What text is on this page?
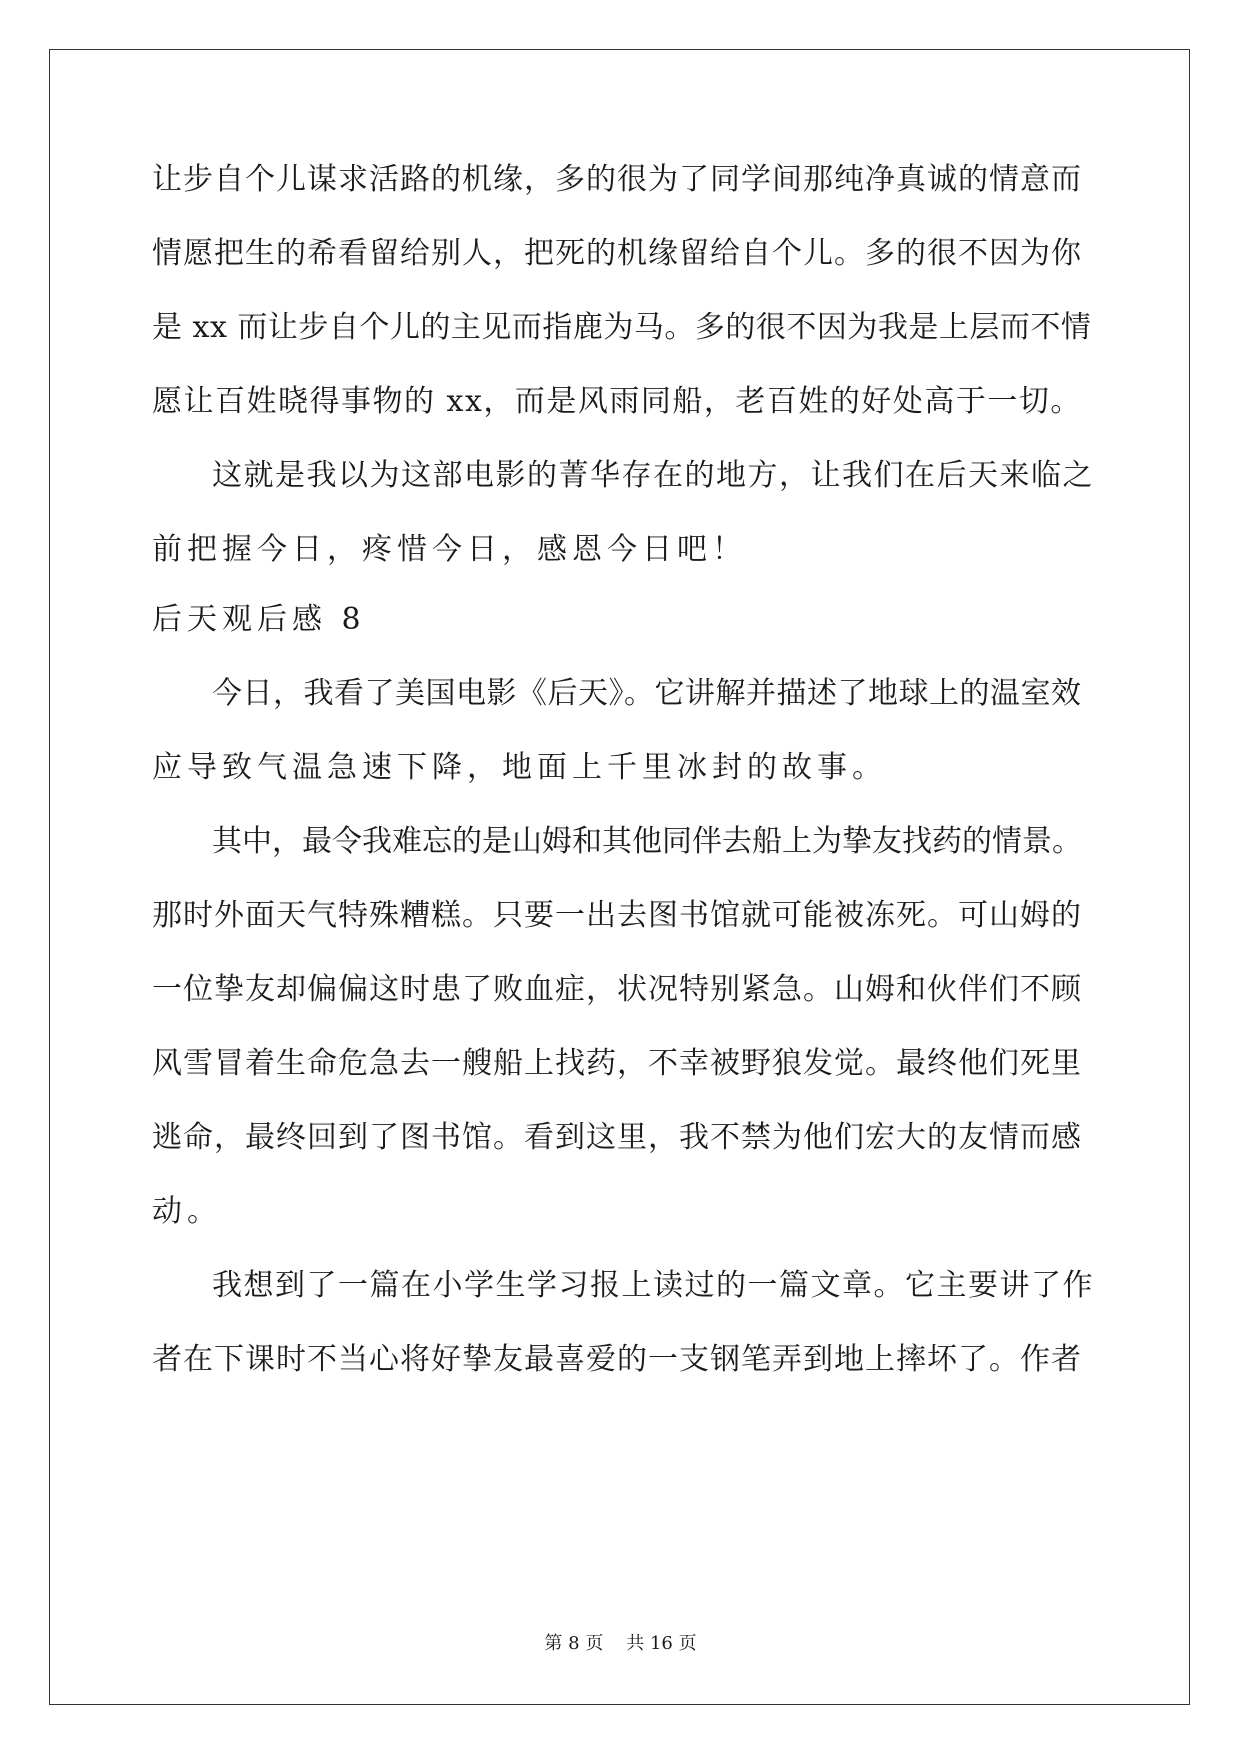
让步自个儿谋求活路的机缘，多的很为了同学间那纯净真诚的情意而
情愿把生的希看留给别人，把死的机缘留给自个儿。多的很不因为你
是 xx 而让步自个儿的主见而指鹿为马。多的很不因为我是上层而不情
愿让百姓晓得事物的 xx，而是风雨同船，老百姓的好处高于一切。
这就是我以为这部电影的菁华存在的地方，让我们在后天来临之
前把握今日，疼惜今日，感恩今日吧！
后天观后感 8
今日，我看了美国电影《后天》。它讲解并描述了地球上的温室效
应导致气温急速下降，地面上千里冰封的故事。
其中，最令我难忘的是山姆和其他同伴去船上为挚友找药的情景。
那时外面天气特殊糟糕。只要一出去图书馆就可能被冻死。可山姆的
一位挚友却偏偏这时患了败血症，状况特别紧急。山姆和伙伴们不顾
风雪冒着生命危急去一艘船上找药，不幸被野狼发觉。最终他们死里
逃命，最终回到了图书馆。看到这里，我不禁为他们宏大的友情而感
动。
我想到了一篇在小学生学习报上读过的一篇文章。它主要讲了作
者在下课时不当心将好挚友最喜爱的一支钢笔弄到地上摔坏了。作者
第 8 页 共 16 页
